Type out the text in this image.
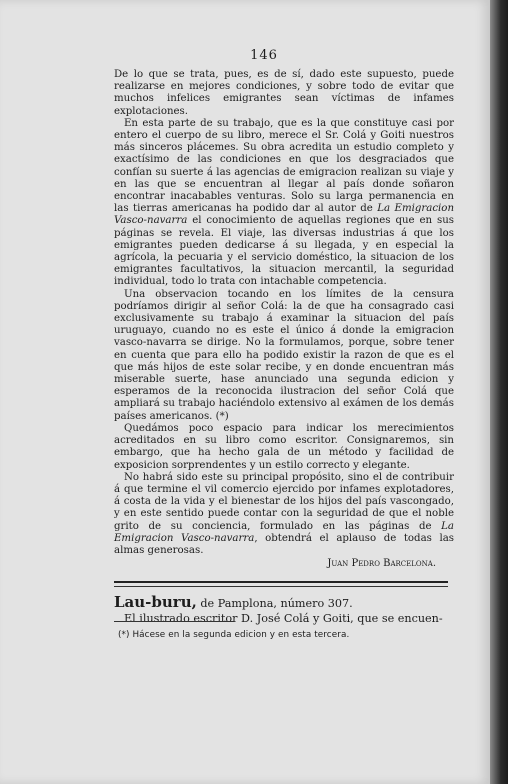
146

De lo que se trata, pues, es de sí, dado este supuesto, puede realizarse en mejores condiciones, y sobre todo de evitar que muchos infelices emigrantes sean víctimas de infames explotaciones.

En esta parte de su trabajo, que es la que constituye casi por entero el cuerpo de su libro, merece el Sr. Colá y Goiti nuestros más sinceros plácemes. Su obra acredita un estudio completo y exactísimo de las condiciones en que los desgraciados que confían su suerte á las agencias de emigracion realizan su viaje y en las que se encuentran al llegar al país donde soñaron encontrar inacabables venturas. Solo su larga permanencia en las tierras americanas ha podido dar al autor de La Emigracion Vasco-navarra el conocimiento de aquellas regiones que en sus páginas se revela. El viaje, las diversas industrias á que los emigrantes pueden dedicarse á su llegada, y en especial la agrícola, la pecuaria y el servicio doméstico, la situacion de los emigrantes facultativos, la situacion mercantil, la seguridad individual, todo lo trata con intachable competencia.

Una observacion tocando en los límites de la censura podríamos dirigir al señor Colá: la de que ha consagrado casi exclusivamente su trabajo á examinar la situacion del país uruguayo, cuando no es este el único á donde la emigracion vasco-navarra se dirige. No la formulamos, porque, sobre tener en cuenta que para ello ha podido existir la razon de que es el que más hijos de este solar recibe, y en donde encuentran más miserable suerte, hase anunciado una segunda edicion y esperamos de la reconocida ilustracion del señor Colá que ampliará su trabajo haciéndolo extensivo al exámen de los demás países americanos. (*)

Quedámos poco espacio para indicar los merecimientos acreditados en su libro como escritor. Consignaremos, sin embargo, que ha hecho gala de un método y facilidad de exposicion sorprendentes y un estilo correcto y elegante.

No habrá sido este su principal propósito, sino el de contribuir á que termine el vil comercio ejercido por infames explotadores, á costa de la vida y el bienestar de los hijos del país vascongado, y en este sentido puede contar con la seguridad de que el noble grito de su conciencia, formulado en las páginas de La Emigracion Vasco-navarra, obtendrá el aplauso de todas las almas generosas.

Juan Pedro Barcelona.

Lau-buru, de Pamplona, número 307.

El ilustrado escritor D. José Colá y Goiti, que se encuen-

(*) Hácese en la segunda edicion y en esta tercera.
